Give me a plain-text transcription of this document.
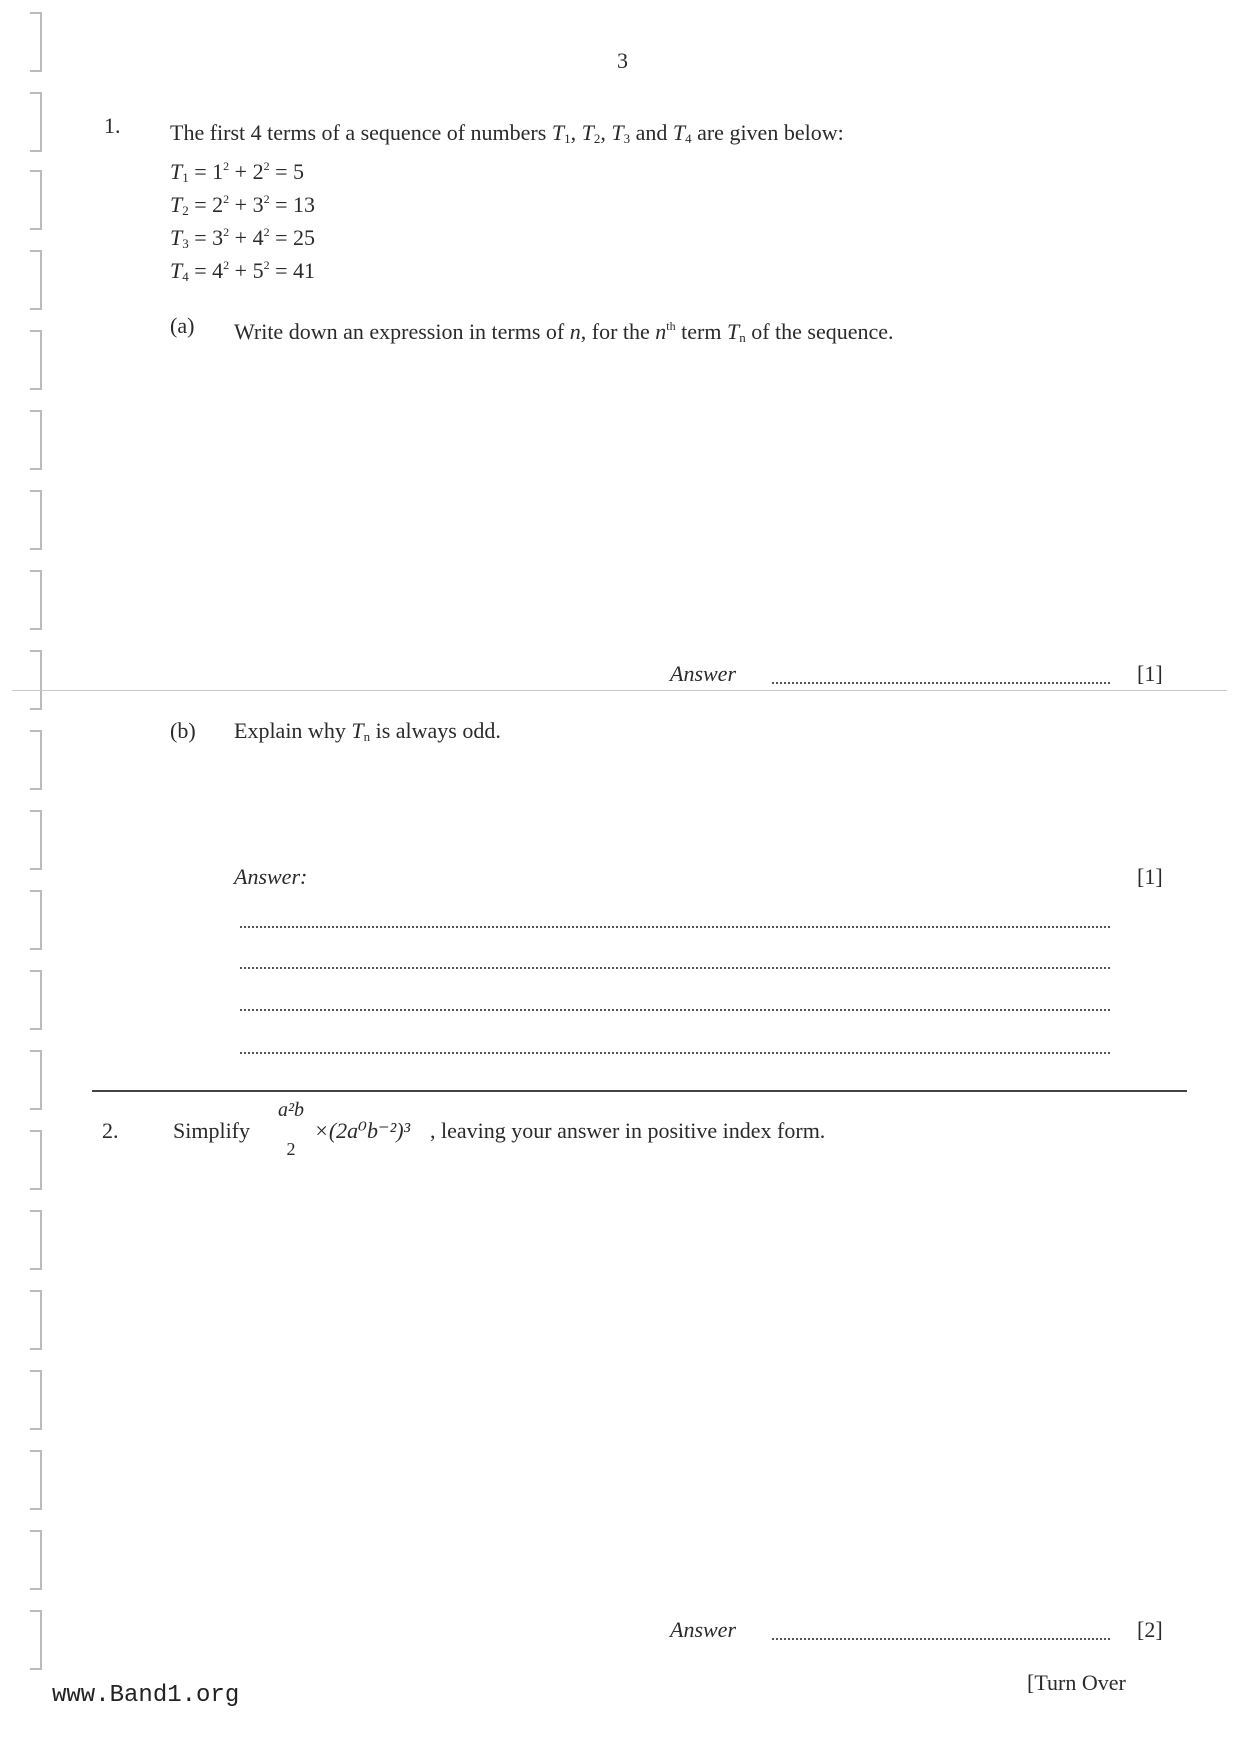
3
1. The first 4 terms of a sequence of numbers $T_1$, $T_2$, $T_3$ and $T_4$ are given below:
$T_1 = 1^2 + 2^2 = 5$
$T_2 = 2^2 + 3^2 = 13$
$T_3 = 3^2 + 4^2 = 25$
$T_4 = 4^2 + 5^2 = 41$
(a) Write down an expression in terms of n, for the $n^{th}$ term $T_n$ of the sequence.
Answer	[1]
(b) Explain why $T_n$ is always odd.
Answer:	[1]
2. Simplify
a²b
2
×(2a⁰b⁻²)³ , leaving your answer in positive index form.
Answer	[2]
www.Band1.org	[Turn Over
